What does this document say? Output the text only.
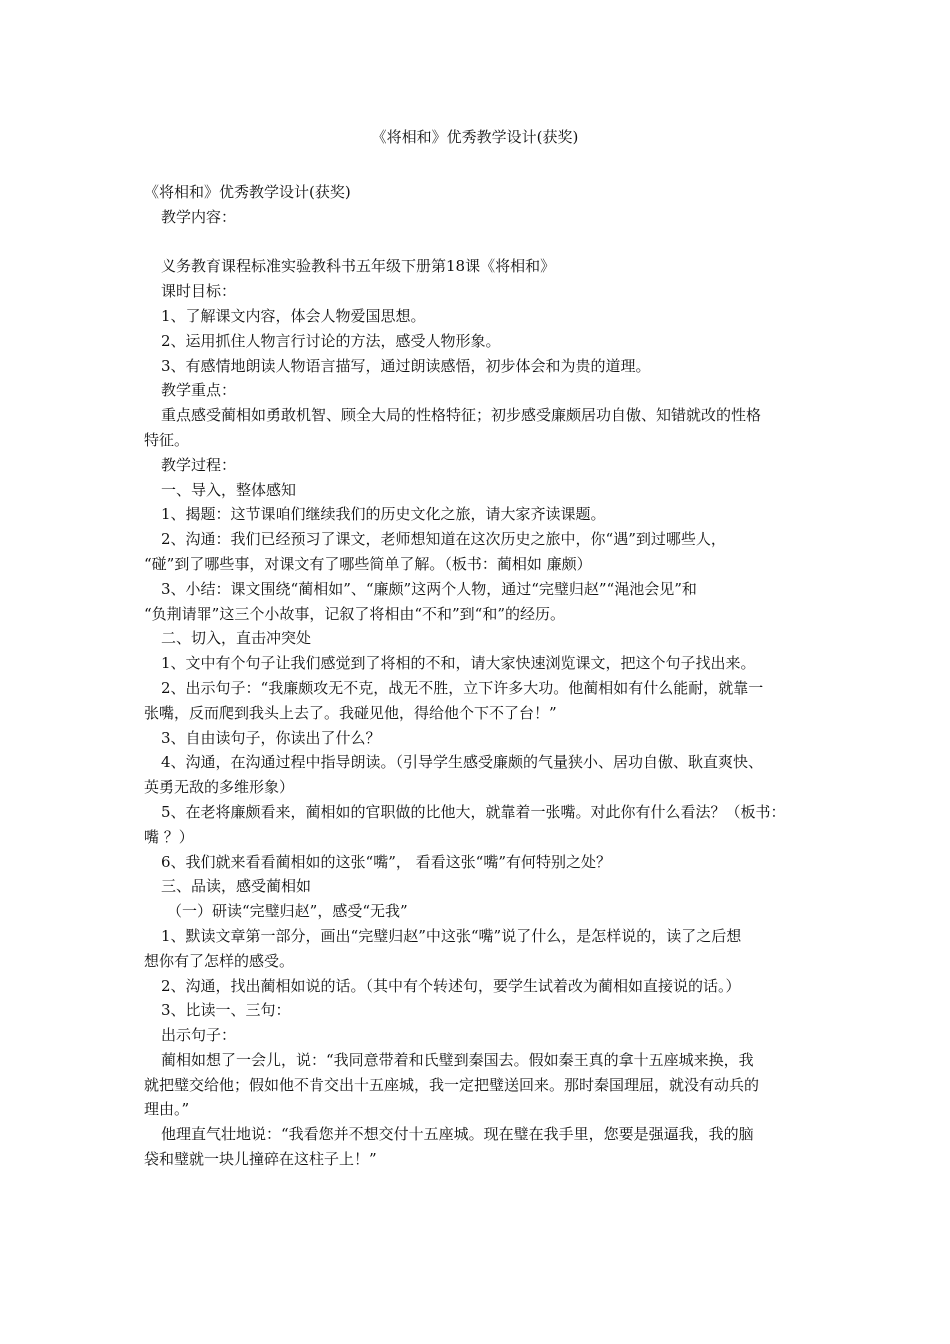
《将相和》优秀教学设计(获奖)

《将相和》优秀教学设计(获奖)

教学内容：

义务教育课程标准实验教科书五年级下册第18课《将相和》

课时目标：

1、了解课文内容，体会人物爱国思想。

2、运用抓住人物言行讨论的方法，感受人物形象。

3、有感情地朗读人物语言描写，通过朗读感悟，初步体会和为贵的道理。

教学重点：

重点感受蔺相如勇敢机智、顾全大局的性格特征；初步感受廉颇居功自傲、知错就改的性格

特征。

教学过程：

一、导入，整体感知

1、揭题：这节课咱们继续我们的历史文化之旅，请大家齐读课题。

2、沟通：我们已经预习了课文，老师想知道在这次历史之旅中，你“遇”到过哪些人，

“碰”到了哪些事，对课文有了哪些简单了解。（板书：蔺相如 廉颇）

3、小结：课文围绕“蔺相如”、“廉颇”这两个人物，通过“完璧归赵”“渑池会见”和

“负荆请罪”这三个小故事，记叙了将相由“不和”到“和”的经历。

二、切入，直击冲突处

1、文中有个句子让我们感觉到了将相的不和，请大家快速浏览课文，把这个句子找出来。

2、出示句子：“我廉颇攻无不克，战无不胜，立下许多大功。他蔺相如有什么能耐，就靠一

张嘴，反而爬到我头上去了。我碰见他，得给他个下不了台！”

3、自由读句子，你读出了什么？

4、沟通，在沟通过程中指导朗读。（引导学生感受廉颇的气量狭小、居功自傲、耿直爽快、

英勇无敌的多维形象）

5、在老将廉颇看来，蔺相如的官职做的比他大，就靠着一张嘴。对此你有什么看法？（板书：

嘴 ？）

6、我们就来看看蔺相如的这张“嘴”， 看看这张“嘴”有何特别之处？

三、品读，感受蔺相如

（一）研读“完璧归赵”，感受“无我”

1、默读文章第一部分，画出“完璧归赵”中这张“嘴”说了什么，是怎样说的，读了之后想

想你有了怎样的感受。

2、沟通，找出蔺相如说的话。（其中有个转述句，要学生试着改为蔺相如直接说的话。）

3、比读一、三句：

出示句子：

蔺相如想了一会儿，说：“我同意带着和氏璧到秦国去。假如秦王真的拿十五座城来换，我

就把璧交给他；假如他不肯交出十五座城，我一定把璧送回来。那时秦国理屈，就没有动兵的

理由。”

他理直气壮地说：“我看您并不想交付十五座城。现在璧在我手里，您要是强逼我，我的脑

袋和璧就一块儿撞碎在这柱子上！”
